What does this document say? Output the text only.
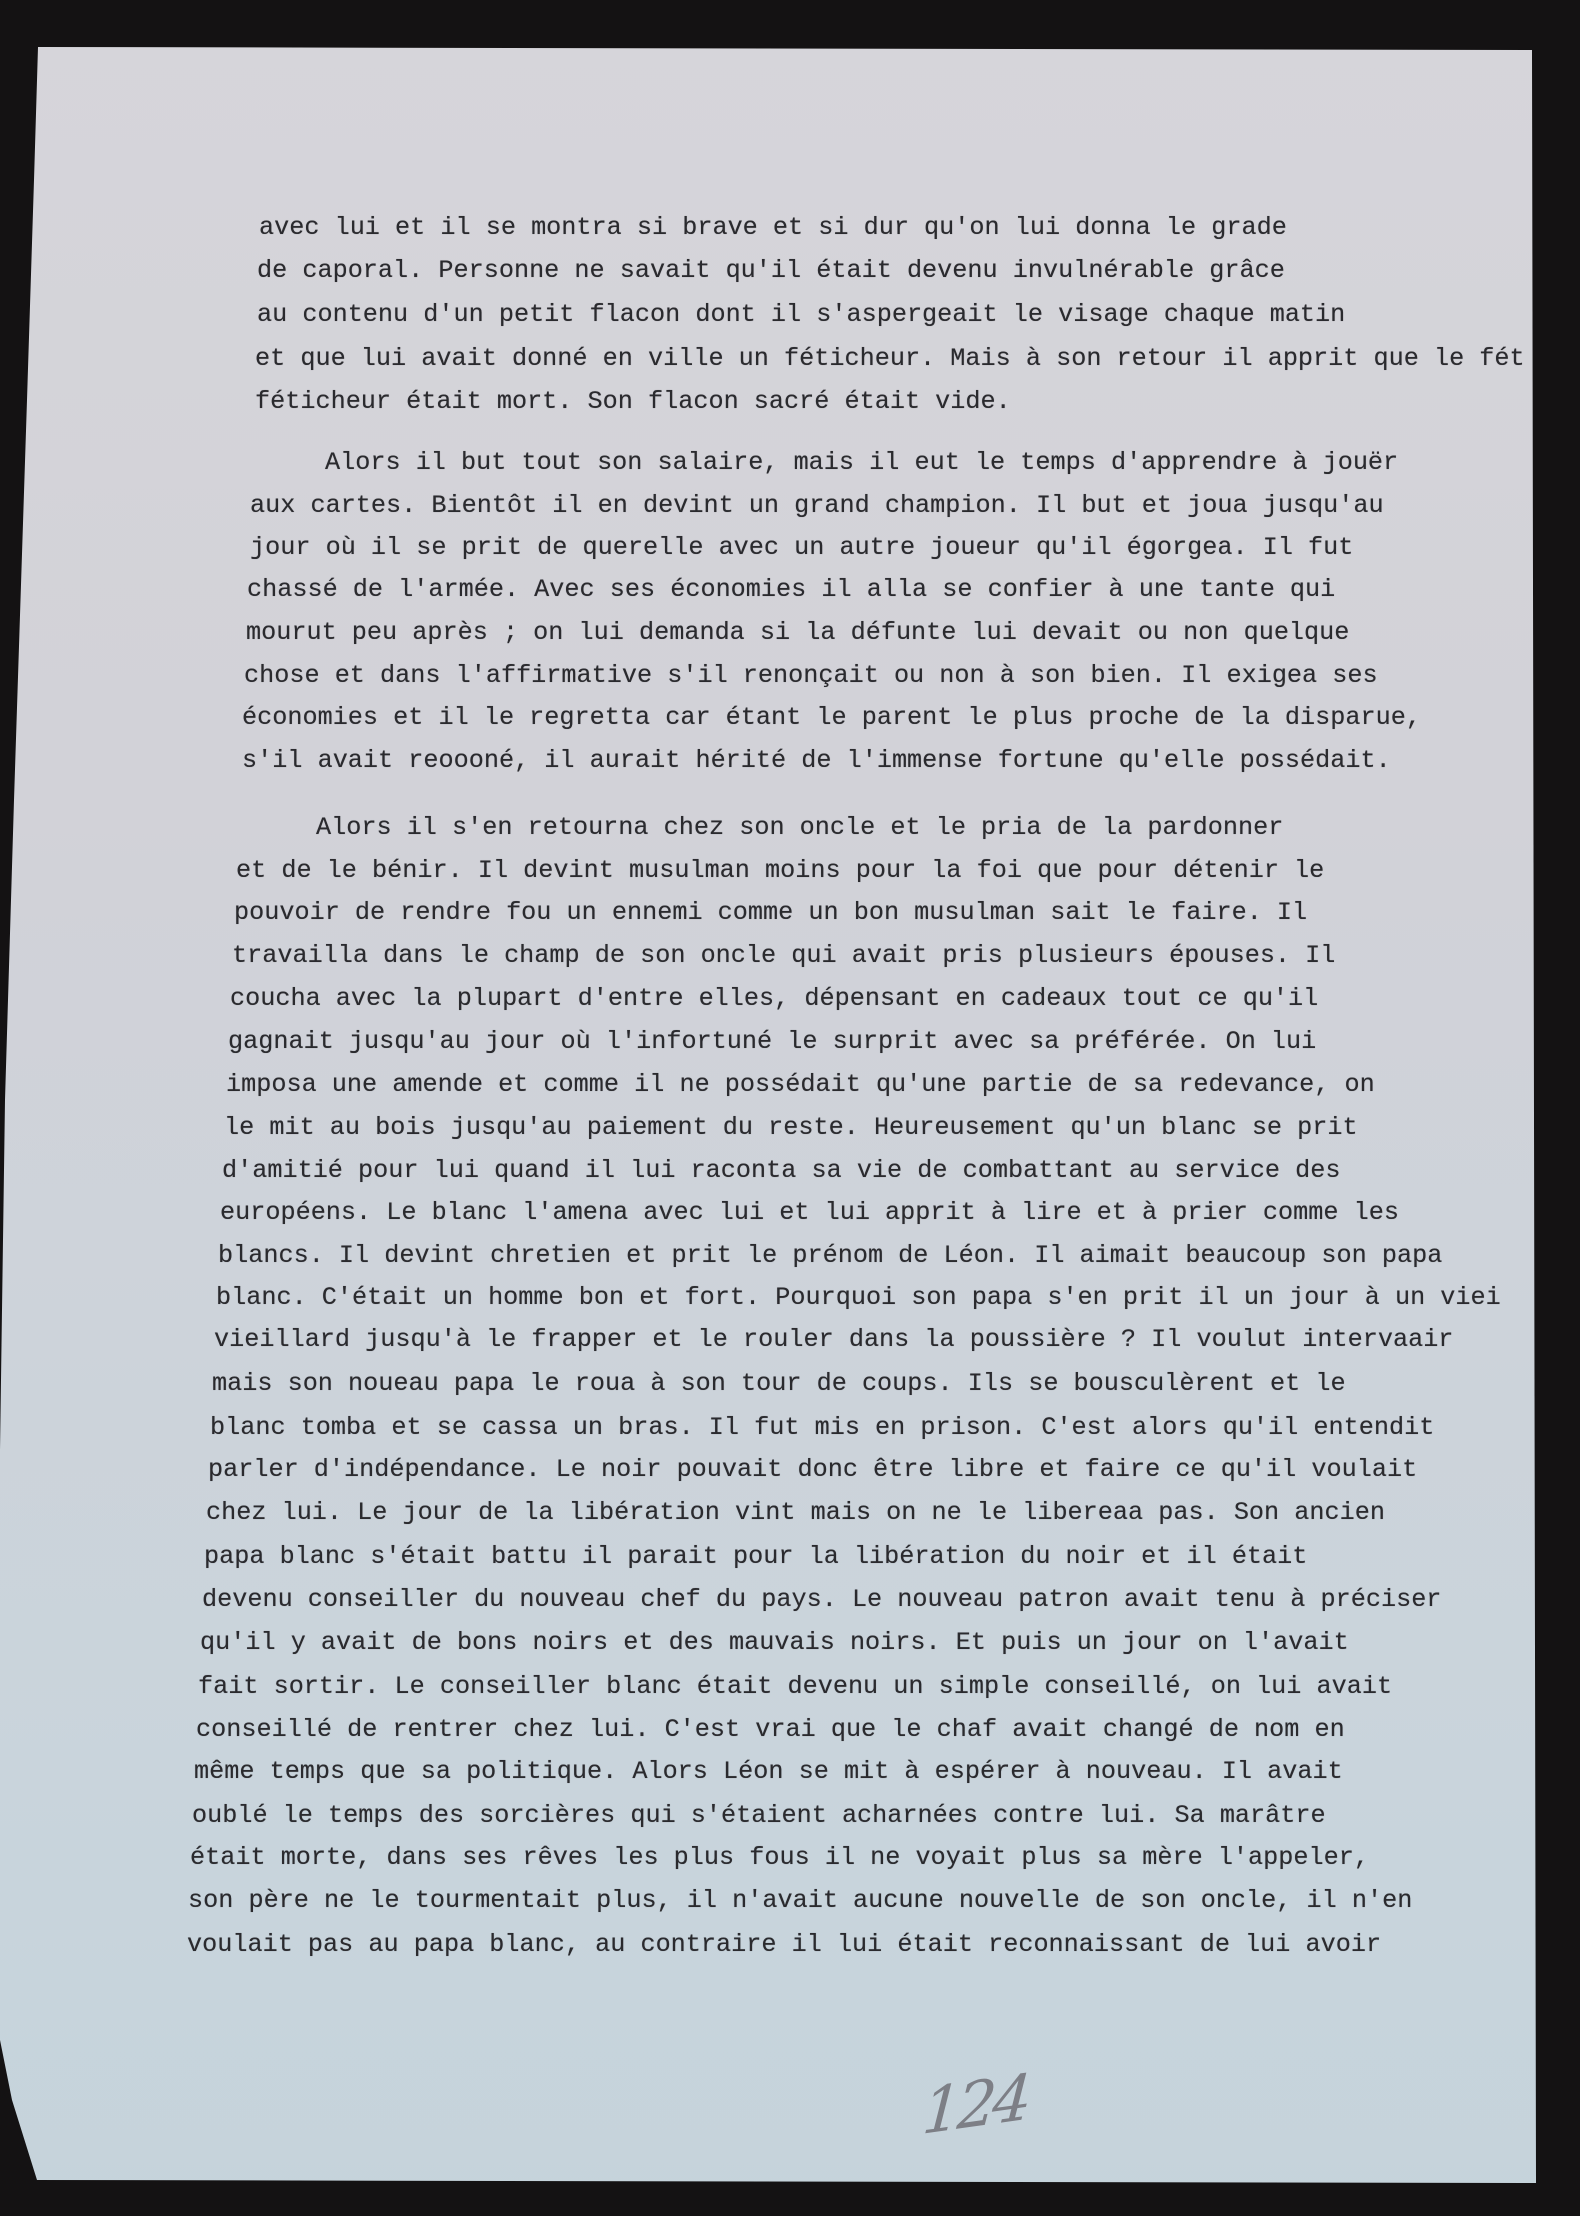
avec lui et il se montra si brave et si dur qu'on lui donna le grade
de caporal. Personne ne savait qu'il était devenu invulnérable grâce
au contenu d'un petit flacon dont il s'aspergeait le visage chaque matin
et que lui avait donné en ville un féticheur. Mais à son retour il apprit que le fét
féticheur était mort. Son flacon sacré était vide.
Alors il but tout son salaire, mais il eut le temps d'apprendre à jouër
aux cartes. Bientôt il en devint un grand champion. Il but et joua jusqu'au
jour où il se prit de querelle avec un autre joueur qu'il égorgea. Il fut
chassé de l'armée. Avec ses économies il alla se confier à une tante qui
mourut peu après ; on lui demanda si la défunte lui devait ou non quelque
chose et dans l'affirmative s'il renonçait ou non à son bien. Il exigea ses
économies et il le regretta car étant le parent le plus proche de la disparue,
s'il avait reoooné, il aurait hérité de l'immense fortune qu'elle possédait.
Alors il s'en retourna chez son oncle et le pria de la pardonner
et de le bénir. Il devint musulman moins pour la foi que pour détenir le
pouvoir de rendre fou un ennemi comme un bon musulman sait le faire. Il
travailla dans le champ de son oncle qui avait pris plusieurs épouses. Il
coucha avec la plupart d'entre elles, dépensant en cadeaux tout ce qu'il
gagnait jusqu'au jour où l'infortuné le surprit avec sa préférée. On lui
imposa une amende et comme il ne possédait qu'une partie de sa redevance, on
le mit au bois jusqu'au paiement du reste. Heureusement qu'un blanc se prit
d'amitié pour lui quand il lui raconta sa vie de combattant au service des
européens. Le blanc l'amena avec lui et lui apprit à lire et à prier comme les
blancs. Il devint chretien et prit le prénom de Léon. Il aimait beaucoup son papa
blanc. C'était un homme bon et fort. Pourquoi son papa s'en prit il un jour à un viei
vieillard jusqu'à le frapper et le rouler dans la poussière ? Il voulut intervaair
mais son noueau papa le roua à son tour de coups. Ils se bousculèrent et le
blanc tomba et se cassa un bras. Il fut mis en prison. C'est alors qu'il entendit
parler d'indépendance. Le noir pouvait donc être libre et faire ce qu'il voulait
chez lui. Le jour de la libération vint mais on ne le libereaa pas. Son ancien
papa blanc s'était battu il parait pour la libération du noir et il était
devenu conseiller du nouveau chef du pays. Le nouveau patron avait tenu à préciser
qu'il y avait de bons noirs et des mauvais noirs. Et puis un jour on l'avait
fait sortir. Le conseiller blanc était devenu un simple conseillé, on lui avait
conseillé de rentrer chez lui. C'est vrai que le chaf avait changé de nom en
même temps que sa politique. Alors Léon se mit à espérer à nouveau. Il avait
oublé le temps des sorcières qui s'étaient acharnées contre lui. Sa marâtre
était morte, dans ses rêves les plus fous il ne voyait plus sa mère l'appeler,
son père ne le tourmentait plus, il n'avait aucune nouvelle de son oncle, il n'en
voulait pas au papa blanc, au contraire il lui était reconnaissant de lui avoir
124
